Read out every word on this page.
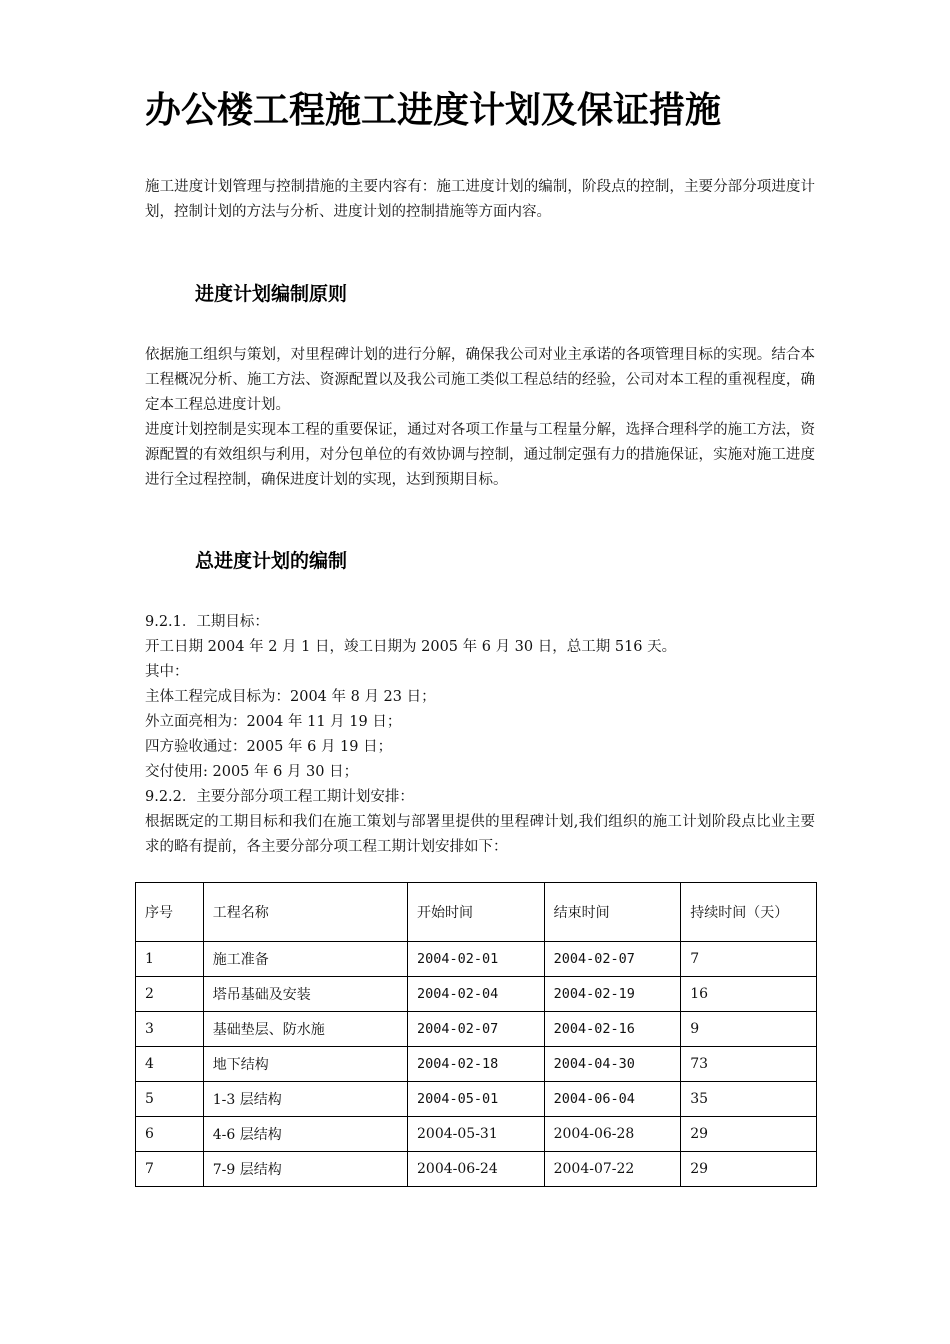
办公楼工程施工进度计划及保证措施

施工进度计划管理与控制措施的主要内容有：施工进度计划的编制，阶段点的控制，主要分部分项进度计划，控制计划的方法与分析、进度计划的控制措施等方面内容。

进度计划编制原则

依据施工组织与策划，对里程碑计划的进行分解，确保我公司对业主承诺的各项管理目标的实现。结合本工程概况分析、施工方法、资源配置以及我公司施工类似工程总结的经验，公司对本工程的重视程度，确定本工程总进度计划。

进度计划控制是实现本工程的重要保证，通过对各项工作量与工程量分解，选择合理科学的施工方法，资源配置的有效组织与利用，对分包单位的有效协调与控制，通过制定强有力的措施保证，实施对施工进度进行全过程控制，确保进度计划的实现，达到预期目标。

总进度计划的编制

9.2.1．工期目标：

开工日期 2004 年 2 月 1 日，竣工日期为 2005 年 6 月 30 日，总工期 516 天。

其中：

主体工程完成目标为：2004 年 8 月 23 日；

外立面亮相为：2004 年 11 月 19 日；

四方验收通过：2005 年 6 月 19 日；

交付使用: 2005 年 6 月 30 日；

9.2.2．主要分部分项工程工期计划安排：

根据既定的工期目标和我们在施工策划与部署里提供的里程碑计划,我们组织的施工计划阶段点比业主要求的略有提前，各主要分部分项工程工期计划安排如下：

序号	工程名称	开始时间	结束时间	持续时间（天）
1	施工准备	2004-02-01	2004-02-07	7
2	塔吊基础及安装	2004-02-04	2004-02-19	16
3	基础垫层、防水施	2004-02-07	2004-02-16	9
4	地下结构	2004-02-18	2004-04-30	73
5	1-3 层结构	2004-05-01	2004-06-04	35
6	4-6 层结构	2004-05-31	2004-06-28	29
7	7-9 层结构	2004-06-24	2004-07-22	29
